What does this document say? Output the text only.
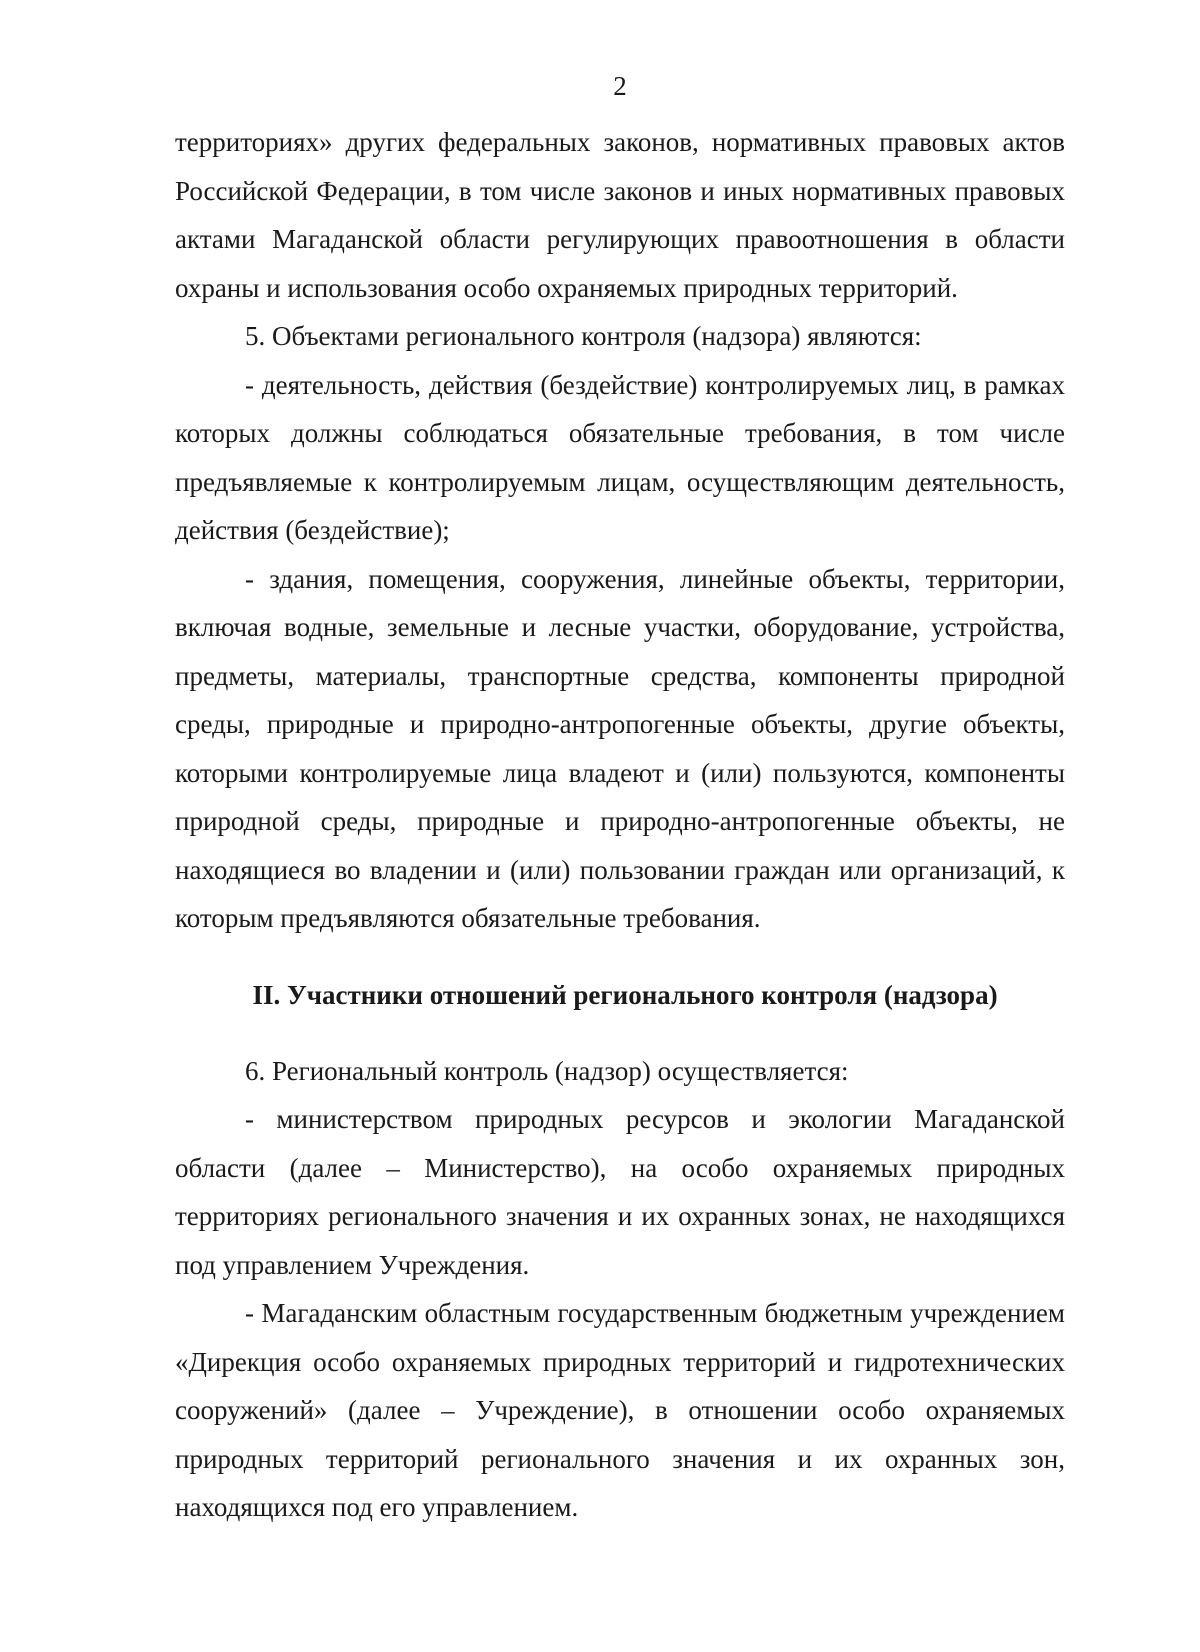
2

территориях» других федеральных законов, нормативных правовых актов Российской Федерации, в том числе законов и иных нормативных правовых актами Магаданской области регулирующих правоотношения в области охраны и использования особо охраняемых природных территорий.

5. Объектами регионального контроля (надзора) являются:

- деятельность, действия (бездействие) контролируемых лиц, в рамках которых должны соблюдаться обязательные требования, в том числе предъявляемые к контролируемым лицам, осуществляющим деятельность, действия (бездействие);

- здания, помещения, сооружения, линейные объекты, территории, включая водные, земельные и лесные участки, оборудование, устройства, предметы, материалы, транспортные средства, компоненты природной среды, природные и природно-антропогенные объекты, другие объекты, которыми контролируемые лица владеют и (или) пользуются, компоненты природной среды, природные и природно-антропогенные объекты, не находящиеся во владении и (или) пользовании граждан или организаций, к которым предъявляются обязательные требования.

II. Участники отношений регионального контроля (надзора)

6. Региональный контроль (надзор) осуществляется:

- министерством природных ресурсов и экологии Магаданской области (далее – Министерство), на особо охраняемых природных территориях регионального значения и их охранных зонах, не находящихся под управлением Учреждения.

- Магаданским областным государственным бюджетным учреждением «Дирекция особо охраняемых природных территорий и гидротехнических сооружений» (далее – Учреждение), в отношении особо охраняемых природных территорий регионального значения и их охранных зон, находящихся под его управлением.
